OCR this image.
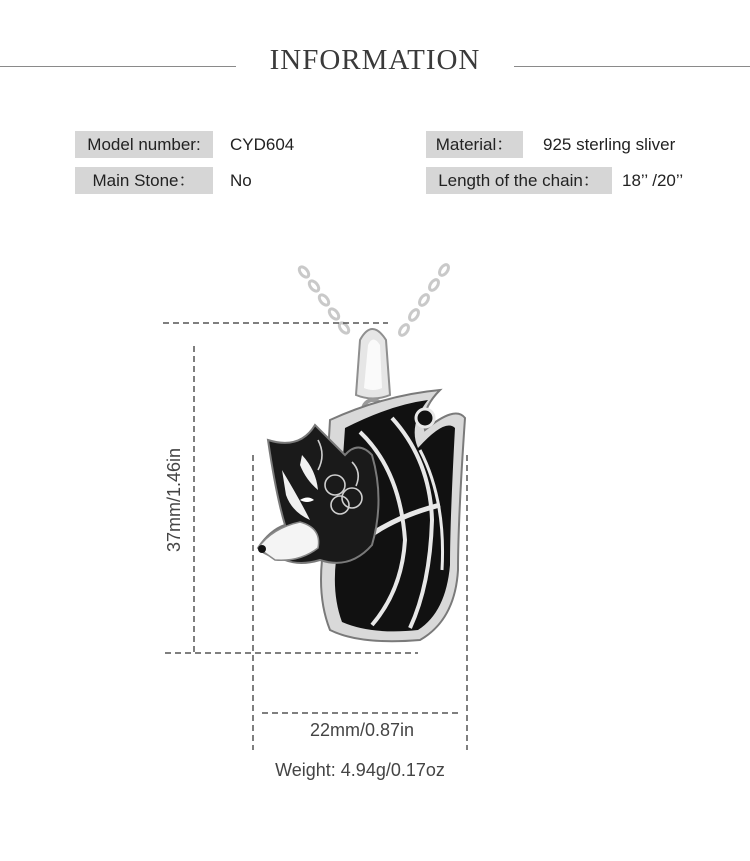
INFORMATION
Model number:	CYD604
Main Stone：	No
Material：	925 sterling sliver
Length of the chain：	18’’ /20’’
37mm/1.46in
22mm/0.87in
Weight: 4.94g/0.17oz
